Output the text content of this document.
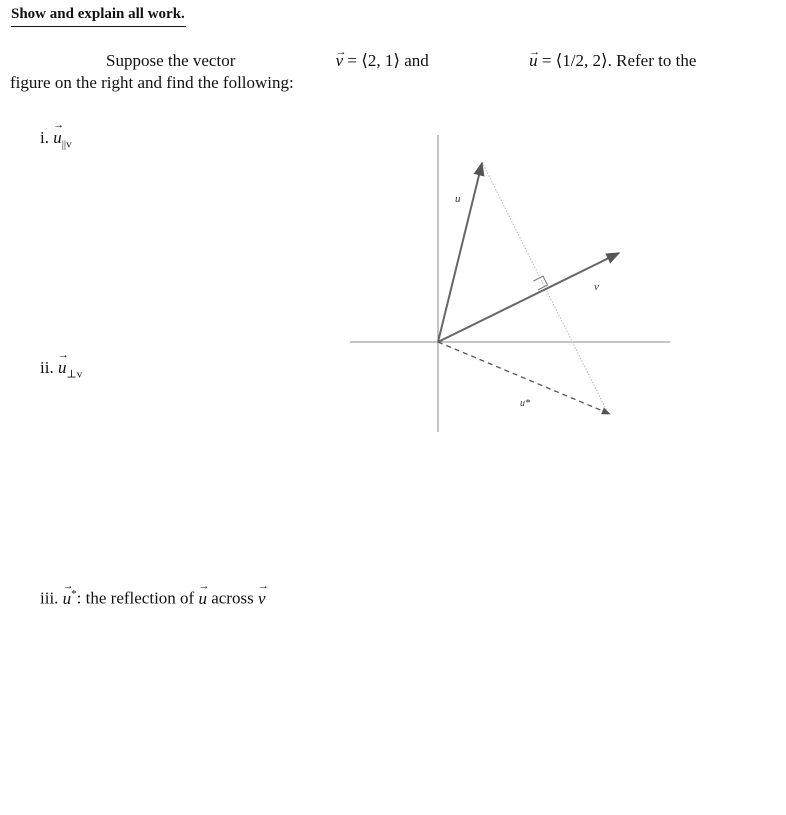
Show and explain all work.
Suppose the vector	→ v = ⟨2, 1⟩ and	→ u = ⟨1/2, 2⟩. Refer to the figure on the right and find the following:
i. → $u_{||v}$
ii. → $u_{\perp v}$
iii. → u*: the reflection of → u across → v
u
v
u*
